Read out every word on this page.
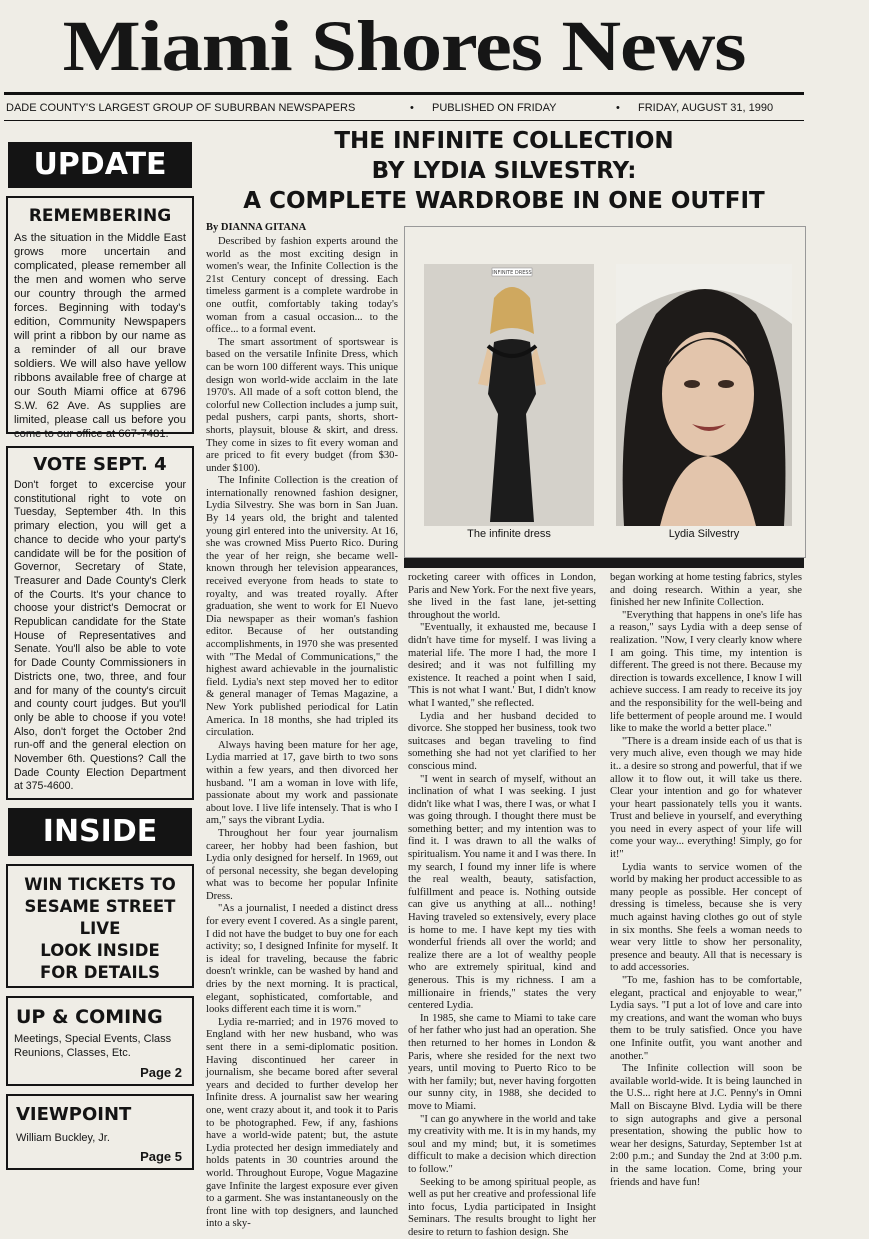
Miami Shores News
DADE COUNTY'S LARGEST GROUP OF SUBURBAN NEWSPAPERS	• PUBLISHED ON FRIDAY	• FRIDAY, AUGUST 31, 1990
UPDATE
REMEMBERING
As the situation in the Middle East grows more uncertain and complicated, please remember all the men and women who serve our country through the armed forces. Beginning with today's edition, Community Newspapers will print a ribbon by our name as a reminder of all our brave soldiers. We will also have yellow ribbons available free of charge at our South Miami office at 6796 S.W. 62 Ave. As supplies are limited, please call us before you come to our office at 667-7481.
VOTE SEPT. 4
Don't forget to excercise your constitutional right to vote on Tuesday, September 4th. In this primary election, you will get a chance to decide who your party's candidate will be for the position of Governor, Secretary of State, Treasurer and Dade County's Clerk of the Courts. It's your chance to choose your district's Democrat or Republican candidate for the State House of Representatives and Senate. You'll also be able to vote for Dade County Commissioners in Districts one, two, three, and four and for many of the county's circuit and county court judges. But you'll only be able to choose if you vote! Also, don't forget the October 2nd run-off and the general election on November 6th. Questions? Call the Dade County Election Department at 375-4600.
INSIDE
WIN TICKETS TO
SESAME STREET
LIVE
LOOK INSIDE
FOR DETAILS
UP & COMING
Meetings, Special Events, Class Reunions, Classes, Etc.
Page 2
VIEWPOINT
William Buckley, Jr.
Page 5
THE INFINITE COLLECTION
BY LYDIA SILVESTRY:
A COMPLETE WARDROBE IN ONE OUTFIT
By DIANNA GITANA
INFINITE DRESS
The infinite dress	Lydia Silvestry

Described by fashion experts around the world as the most exciting design in women's wear, the Infinite Collection is the 21st Century concept of dressing. Each timeless garment is a complete wardrobe in one outfit, comfortably taking today's woman from a casual occasion... to the office... to a formal event.

The smart assortment of sportswear is based on the versatile Infinite Dress, which can be worn 100 different ways. This unique design won world-wide acclaim in the late 1970's. All made of a soft cotton blend, the colorful new Collection includes a jump suit, pedal pushers, carpi pants, shorts, short-shorts, playsuit, blouse & skirt, and dress. They come in sizes to fit every woman and are priced to fit every budget (from $30-under $100).

The Infinite Collection is the creation of internationally renowned fashion designer, Lydia Silvestry. She was born in San Juan. By 14 years old, the bright and talented young girl entered into the university. At 16, she was crowned Miss Puerto Rico. During the year of her reign, she became well-known through her television appearances, received everyone from heads to state to royalty, and was treated royally. After graduation, she went to work for El Nuevo Dia newspaper as their woman's fashion editor. Because of her outstanding accomplishments, in 1970 she was presented with "The Medal of Communications," the highest award achievable in the journalistic field. Lydia's next step moved her to editor & general manager of Temas Magazine, a New York published periodical for Latin America. In 18 months, she had tripled its circulation.

Always having been mature for her age, Lydia married at 17, gave birth to two sons within a few years, and then divorced her husband. "I am a woman in love with life, passionate about my work and passionate about love. I live life intensely. That is who I am," says the vibrant Lydia.

Throughout her four year journalism career, her hobby had been fashion, but Lydia only designed for herself. In 1969, out of personal necessity, she began developing what was to become her popular Infinite Dress.

"As a journalist, I needed a distinct dress for every event I covered. As a single parent, I did not have the budget to buy one for each activity; so, I designed Infinite for myself. It is ideal for traveling, because the fabric doesn't wrinkle, can be washed by hand and dries by the next morning. It is practical, elegant, sophisticated, comfortable, and looks different each time it is worn."

Lydia re-married; and in 1976 moved to England with her new husband, who was sent there in a semi-diplomatic position. Having discontinued her career in journalism, she became bored after several years and decided to further develop her Infinite dress. A journalist saw her wearing one, went crazy about it, and took it to Paris to be photographed. Few, if any, fashions have a world-wide patent; but, the astute Lydia protected her design immediately and holds patents in 30 countries around the world. Throughout Europe, Vogue Magazine gave Infinite the largest exposure ever given to a garment. She was instantaneously on the front line with top designers, and launched into a sky-

rocketing career with offices in London, Paris and New York. For the next five years, she lived in the fast lane, jet-setting throughout the world.

"Eventually, it exhausted me, because I didn't have time for myself. I was living a material life. The more I had, the more I desired; and it was not fulfilling my existence. It reached a point when I said, 'This is not what I want.' But, I didn't know what I wanted," she reflected.

Lydia and her husband decided to divorce. She stopped her business, took two suitcases and began traveling to find something she had not yet clarified to her conscious mind.

"I went in search of myself, without an inclination of what I was seeking. I just didn't like what I was, there I was, or what I was going through. I thought there must be something better; and my intention was to find it. I was drawn to all the walks of spiritualism. You name it and I was there. In my search, I found my inner life is where the real wealth, beauty, satisfaction, fulfillment and peace is. Nothing outside can give us anything at all... nothing! Having traveled so extensively, every place is home to me. I have kept my ties with wonderful friends all over the world; and realize there are a lot of wealthy people who are extremely spiritual, kind and generous. This is my richness. I am a millionaire in friends," states the very centered Lydia.

In 1985, she came to Miami to take care of her father who just had an operation. She then returned to her homes in London & Paris, where she resided for the next two years, until moving to Puerto Rico to be with her family; but, never having forgotten our sunny city, in 1988, she decided to move to Miami.

"I can go anywhere in the world and take my creativity with me. It is in my hands, my soul and my mind; but, it is sometimes difficult to make a decision which direction to follow."

Seeking to be among spiritual people, as well as put her creative and professional life into focus, Lydia participated in Insight Seminars. The results brought to light her desire to return to fashion design. She

began working at home testing fabrics, styles and doing research. Within a year, she finished her new Infinite Collection.

"Everything that happens in one's life has a reason," says Lydia with a deep sense of realization. "Now, I very clearly know where I am going. This time, my intention is different. The greed is not there. Because my direction is towards excellence, I know I will achieve success. I am ready to receive its joy and the responsibility for the well-being and life betterment of people around me. I would like to make the world a better place."

"There is a dream inside each of us that is very much alive, even though we may hide it.. a desire so strong and powerful, that if we allow it to flow out, it will take us there. Clear your intention and go for whatever your heart passionately tells you it wants. Trust and believe in yourself, and everything you need in every aspect of your life will come your way... everything! Simply, go for it!"

Lydia wants to service women of the world by making her product accessible to as many people as possible. Her concept of dressing is timeless, because she is very much against having clothes go out of style in six months. She feels a woman needs to wear very little to show her personality, presence and beauty. All that is necessary is to add accessories.

"To me, fashion has to be comfortable, elegant, practical and enjoyable to wear," Lydia says. "I put a lot of love and care into my creations, and want the woman who buys them to be truly satisfied. Once you have one Infinite outfit, you want another and another."

The Infinite collection will soon be available world-wide. It is being launched in the U.S... right here at J.C. Penny's in Omni Mall on Biscayne Blvd. Lydia will be there to sign autographs and give a personal presentation, showing the public how to wear her designs, Saturday, September 1st at 2:00 p.m.; and Sunday the 2nd at 3:00 p.m. in the same location. Come, bring your friends and have fun!
